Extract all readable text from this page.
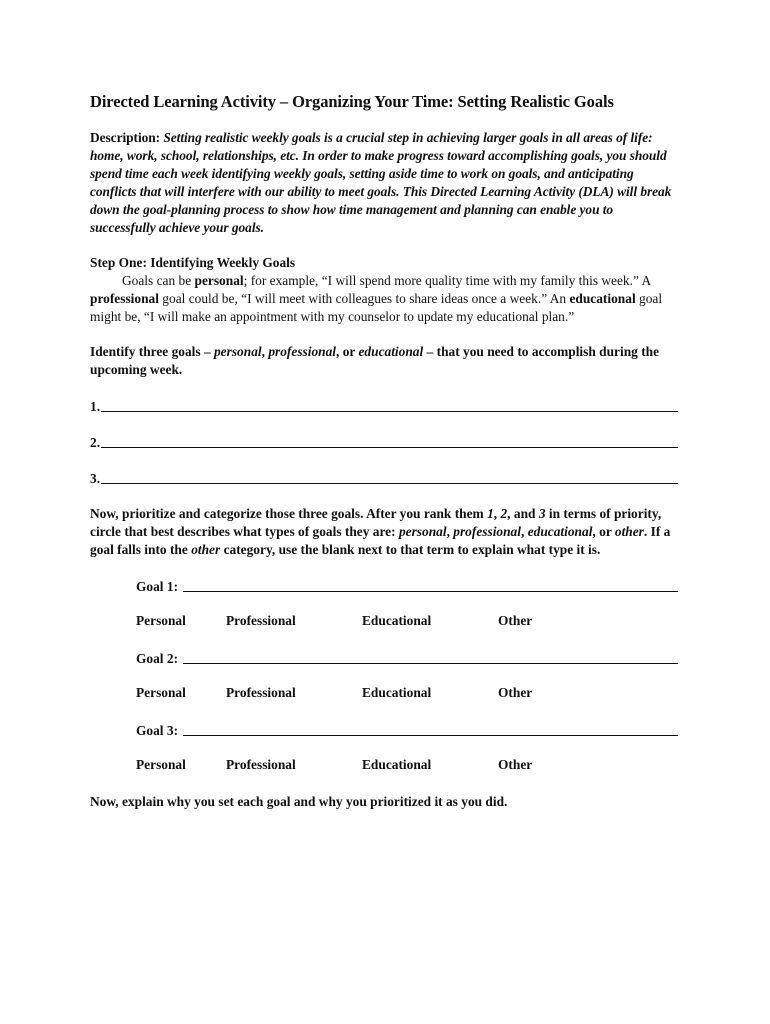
Directed Learning Activity – Organizing Your Time: Setting Realistic Goals

Description: Setting realistic weekly goals is a crucial step in achieving larger goals in all areas of life: home, work, school, relationships, etc. In order to make progress toward accomplishing goals, you should spend time each week identifying weekly goals, setting aside time to work on goals, and anticipating conflicts that will interfere with our ability to meet goals. This Directed Learning Activity (DLA) will break down the goal-planning process to show how time management and planning can enable you to successfully achieve your goals.

Step One: Identifying Weekly Goals

Goals can be personal; for example, “I will spend more quality time with my family this week.” A professional goal could be, “I will meet with colleagues to share ideas once a week.” An educational goal might be, “I will make an appointment with my counselor to update my educational plan.”

Identify three goals – personal, professional, or educational – that you need to accomplish during the upcoming week.

1.
2.
3.

Now, prioritize and categorize those three goals. After you rank them 1, 2, and 3 in terms of priority, circle that best describes what types of goals they are: personal, professional, educational, or other. If a goal falls into the other category, use the blank next to that term to explain what type it is.

Goal 1:
Personal	Professional	Educational	Other
Goal 2:
Personal	Professional	Educational	Other
Goal 3:
Personal	Professional	Educational	Other
Now, explain why you set each goal and why you prioritized it as you did.
